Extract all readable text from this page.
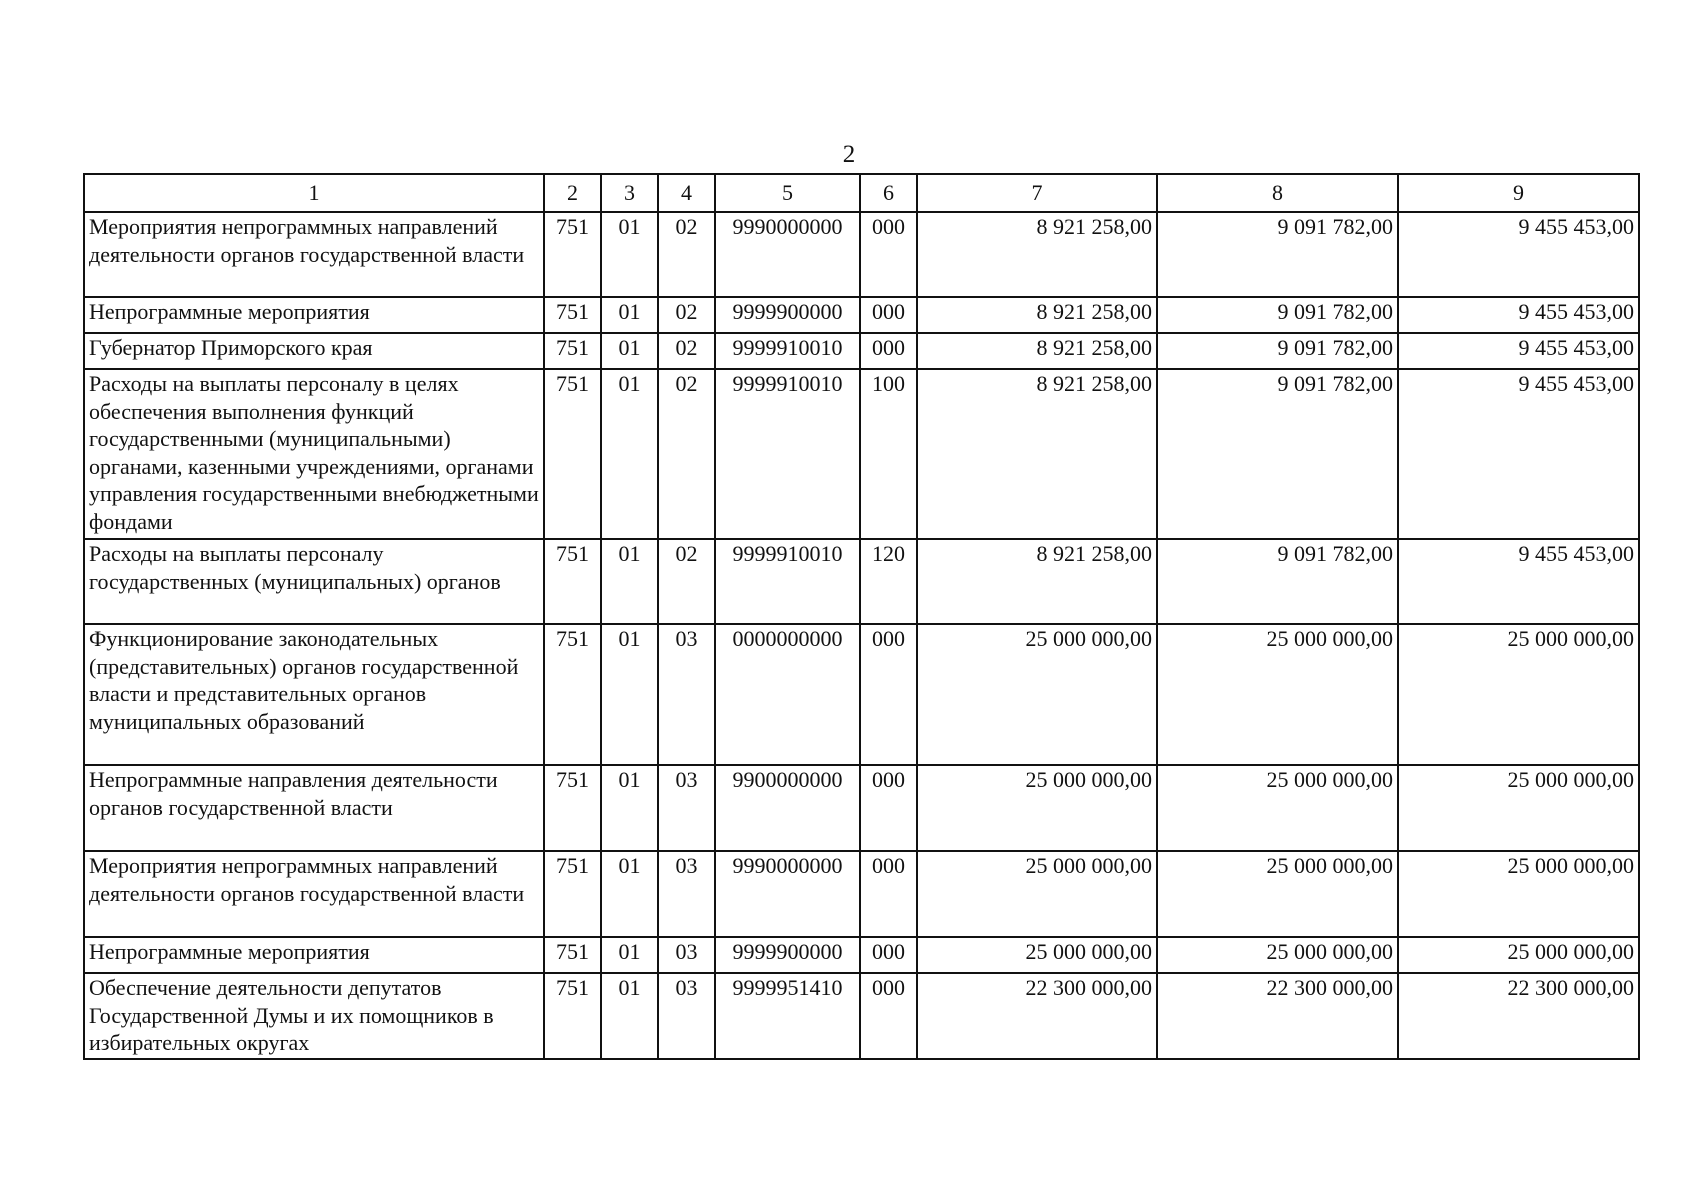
2
1	2	3	4	5	6	7	8	9
Мероприятия непрограммных направлений деятельности органов государственной власти	751	01	02	9990000000	000	8 921 258,00	9 091 782,00	9 455 453,00
Непрограммные мероприятия	751	01	02	9999900000	000	8 921 258,00	9 091 782,00	9 455 453,00
Губернатор Приморского края	751	01	02	9999910010	000	8 921 258,00	9 091 782,00	9 455 453,00
Расходы на выплаты персоналу в целях обеспечения выполнения функций государственными (муниципальными) органами, казенными учреждениями, органами управления государственными внебюджетными фондами	751	01	02	9999910010	100	8 921 258,00	9 091 782,00	9 455 453,00
Расходы на выплаты персоналу государственных (муниципальных) органов	751	01	02	9999910010	120	8 921 258,00	9 091 782,00	9 455 453,00
Функционирование законодательных (представительных) органов государственной власти и представительных органов муниципальных образований	751	01	03	0000000000	000	25 000 000,00	25 000 000,00	25 000 000,00
Непрограммные направления деятельности органов государственной власти	751	01	03	9900000000	000	25 000 000,00	25 000 000,00	25 000 000,00
Мероприятия непрограммных направлений деятельности органов государственной власти	751	01	03	9990000000	000	25 000 000,00	25 000 000,00	25 000 000,00
Непрограммные мероприятия	751	01	03	9999900000	000	25 000 000,00	25 000 000,00	25 000 000,00
Обеспечение деятельности депутатов Государственной Думы и их помощников в избирательных округах	751	01	03	9999951410	000	22 300 000,00	22 300 000,00	22 300 000,00
